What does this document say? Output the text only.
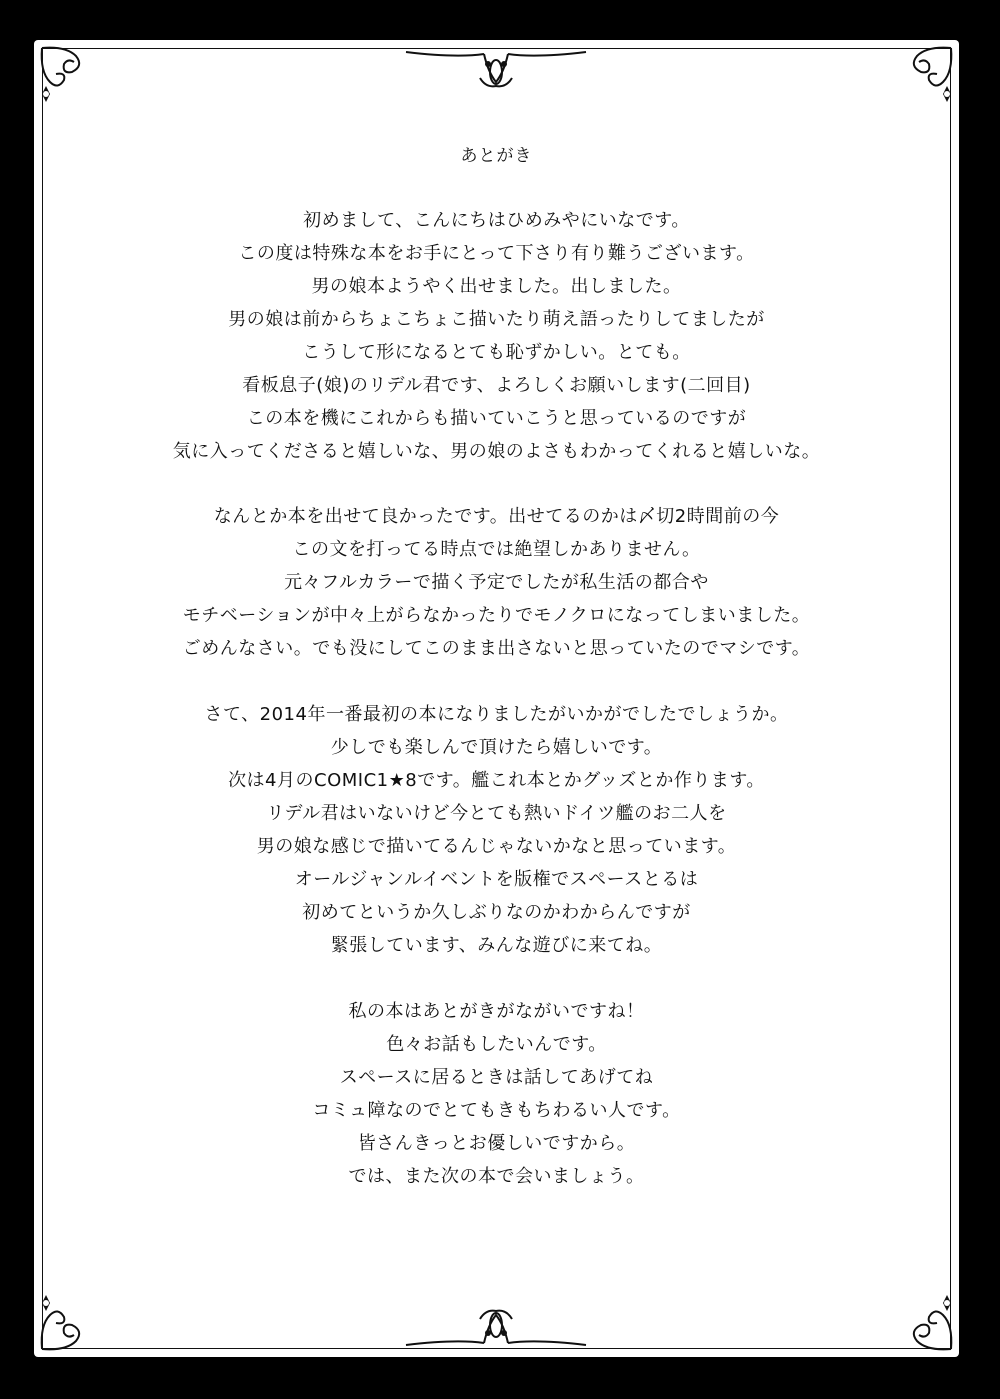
あとがき
初めまして、こんにちはひめみやにいなです。
この度は特殊な本をお手にとって下さり有り難うございます。
男の娘本ようやく出せました。出しました。
男の娘は前からちょこちょこ描いたり萌え語ったりしてましたが
こうして形になるとても恥ずかしい。とても。
看板息子(娘)のリデル君です、よろしくお願いします(二回目)
この本を機にこれからも描いていこうと思っているのですが
気に入ってくださると嬉しいな、男の娘のよさもわかってくれると嬉しいな。
なんとか本を出せて良かったです。出せてるのかは〆切2時間前の今
この文を打ってる時点では絶望しかありません。
元々フルカラーで描く予定でしたが私生活の都合や
モチベーションが中々上がらなかったりでモノクロになってしまいました。
ごめんなさい。でも没にしてこのまま出さないと思っていたのでマシです。
さて、2014年一番最初の本になりましたがいかがでしたでしょうか。
少しでも楽しんで頂けたら嬉しいです。
次は4月のCOMIC1★8です。艦これ本とかグッズとか作ります。
リデル君はいないけど今とても熱いドイツ艦のお二人を
男の娘な感じで描いてるんじゃないかなと思っています。
オールジャンルイベントを版権でスペースとるは
初めてというか久しぶりなのかわからんですが
緊張しています、みんな遊びに来てね。
私の本はあとがきがながいですね！
色々お話もしたいんです。
スペースに居るときは話してあげてね
コミュ障なのでとてもきもちわるい人です。
皆さんきっとお優しいですから。
では、また次の本で会いましょう。
